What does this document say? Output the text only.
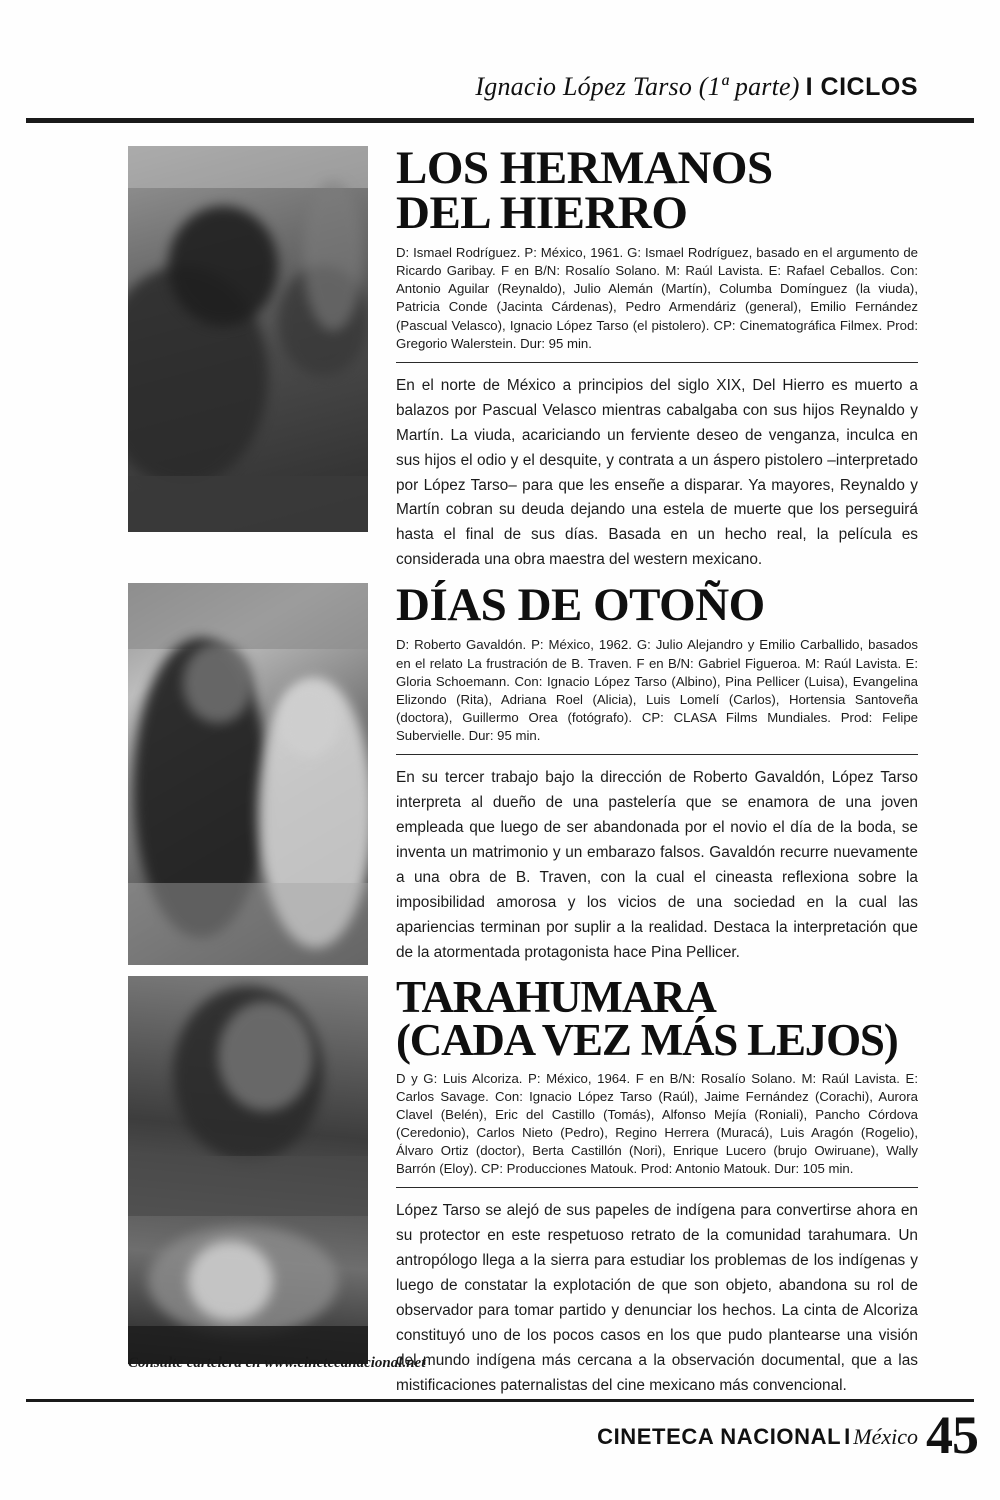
Ignacio López Tarso (1ª parte) I CICLOS
LOS HERMANOS
DEL HIERRO

D: Ismael Rodríguez. P: México, 1961. G: Ismael Rodríguez, basado en el argumento de Ricardo Garibay. F en B/N: Rosalío Solano. M: Raúl Lavista. E: Rafael Ceballos. Con: Antonio Aguilar (Reynaldo), Julio Alemán (Martín), Columba Domínguez (la viuda), Patricia Conde (Jacinta Cárdenas), Pedro Armendáriz (general), Emilio Fernández (Pascual Velasco), Ignacio López Tarso (el pistolero). CP: Cinematográfica Filmex. Prod: Gregorio Walerstein. Dur: 95 min.

En el norte de México a principios del siglo XIX, Del Hierro es muerto a balazos por Pascual Velasco mientras cabalgaba con sus hijos Reynaldo y Martín. La viuda, acariciando un ferviente deseo de venganza, inculca en sus hijos el odio y el desquite, y contrata a un áspero pistolero –interpretado por López Tarso– para que les enseñe a disparar. Ya mayores, Reynaldo y Martín cobran su deuda dejando una estela de muerte que los perseguirá hasta el final de sus días. Basada en un hecho real, la película es considerada una obra maestra del western mexicano.

DÍAS DE OTOÑO

D: Roberto Gavaldón. P: México, 1962. G: Julio Alejandro y Emilio Carballido, basados en el relato La frustración de B. Traven. F en B/N: Gabriel Figueroa. M: Raúl Lavista. E: Gloria Schoemann. Con: Ignacio López Tarso (Albino), Pina Pellicer (Luisa), Evangelina Elizondo (Rita), Adriana Roel (Alicia), Luis Lomelí (Carlos), Hortensia Santoveña (doctora), Guillermo Orea (fotógrafo). CP: CLASA Films Mundiales. Prod: Felipe Subervielle. Dur: 95 min.

En su tercer trabajo bajo la dirección de Roberto Gavaldón, López Tarso interpreta al dueño de una pastelería que se enamora de una joven empleada que luego de ser abandonada por el novio el día de la boda, se inventa un matrimonio y un embarazo falsos. Gavaldón recurre nuevamente a una obra de B. Traven, con la cual el cineasta reflexiona sobre la imposibilidad amorosa y los vicios de una sociedad en la cual las apariencias terminan por suplir a la realidad. Destaca la interpretación que de la atormentada protagonista hace Pina Pellicer.

TARAHUMARA
(CADA VEZ MÁS LEJOS)

D y G: Luis Alcoriza. P: México, 1964. F en B/N: Rosalío Solano. M: Raúl Lavista. E: Carlos Savage. Con: Ignacio López Tarso (Raúl), Jaime Fernández (Corachi), Aurora Clavel (Belén), Eric del Castillo (Tomás), Alfonso Mejía (Roniali), Pancho Córdova (Ceredonio), Carlos Nieto (Pedro), Regino Herrera (Muracá), Luis Aragón (Rogelio), Álvaro Ortiz (doctor), Berta Castillón (Nori), Enrique Lucero (brujo Owiruane), Wally Barrón (Eloy). CP: Producciones Matouk. Prod: Antonio Matouk. Dur: 105 min.

López Tarso se alejó de sus papeles de indígena para convertirse ahora en su protector en este respetuoso retrato de la comunidad tarahumara. Un antropólogo llega a la sierra para estudiar los problemas de los indígenas y luego de constatar la explotación de que son objeto, abandona su rol de observador para tomar partido y denunciar los hechos. La cinta de Alcoriza constituyó uno de los pocos casos en los que pudo plantearse una visión del mundo indígena más cercana a la observación documental, que a las mistificaciones paternalistas del cine mexicano más convencional.

Consulte cartelera en www.cinetecanacional.net
CINETECA NACIONAL I México 45
